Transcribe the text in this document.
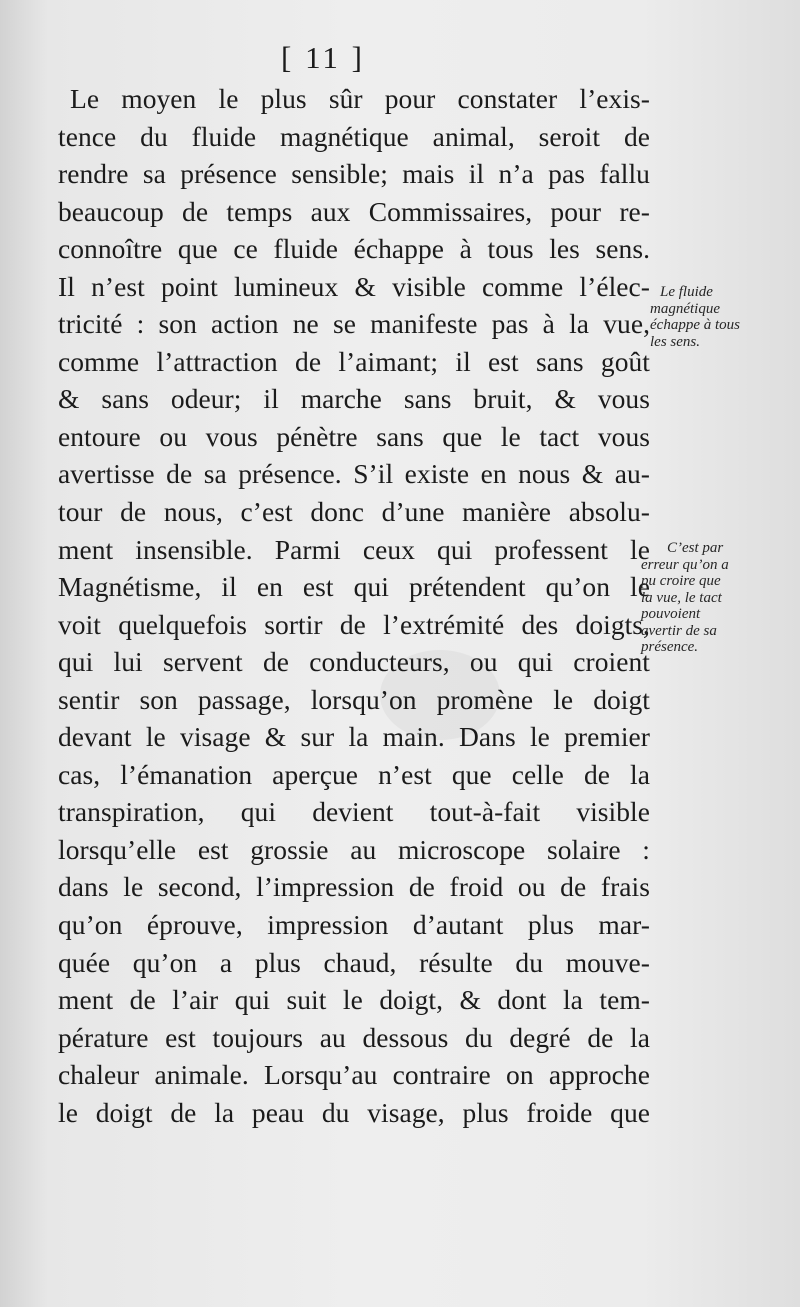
[ 11 ]
Le moyen le plus sûr pour constater l’exis-
tence du fluide magnétique animal, seroit de
rendre sa présence sensible; mais il n’a pas fallu
beaucoup de temps aux Commissaires, pour re-
connoître que ce fluide échappe à tous les sens.
Il n’est point lumineux & visible comme l’élec-
tricité : son action ne se manifeste pas à la vue,
comme l’attraction de l’aimant; il est sans goût
& sans odeur; il marche sans bruit, & vous
entoure ou vous pénètre sans que le tact vous
avertisse de sa présence. S’il existe en nous & au-
tour de nous, c’est donc d’une manière absolu-
ment insensible. Parmi ceux qui professent le
Magnétisme, il en est qui prétendent qu’on le
voit quelquefois sortir de l’extrémité des doigts,
qui lui servent de conducteurs, ou qui croient
sentir son passage, lorsqu’on promène le doigt
devant le visage & sur la main. Dans le premier
cas, l’émanation aperçue n’est que celle de la
transpiration, qui devient tout-à-fait visible
lorsqu’elle est grossie au microscope solaire :
dans le second, l’impression de froid ou de frais
qu’on éprouve, impression d’autant plus mar-
quée qu’on a plus chaud, résulte du mouve-
ment de l’air qui suit le doigt, & dont la tem-
pérature est toujours au dessous du degré de la
chaleur animale. Lorsqu’au contraire on approche
le doigt de la peau du visage, plus froide que
Le fluide
magnétique
échappe à tous
les sens.
C’est par
erreur qu’on a
pu croire que
la vue, le tact
pouvoient
avertir de sa
présence.
